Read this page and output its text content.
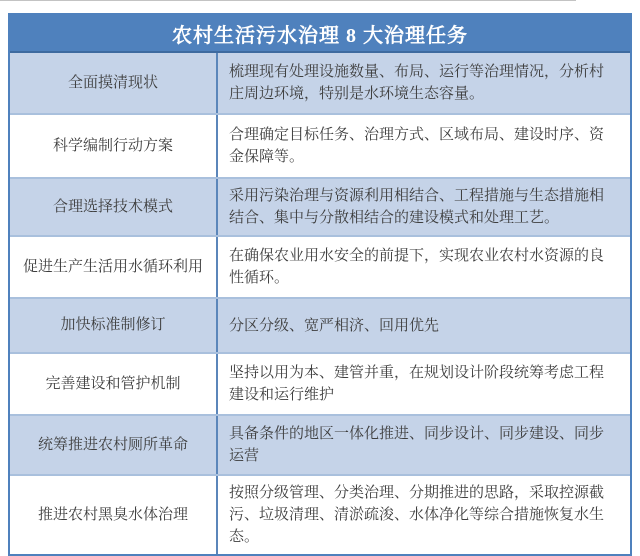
农村生活污水治理 8 大治理任务
全面摸清现状
梳理现有处理设施数量、布局、运行等治理情况，分析村庄周边环境，特别是水环境生态容量。
科学编制行动方案
合理确定目标任务、治理方式、区域布局、建设时序、资金保障等。
合理选择技术模式
采用污染治理与资源利用相结合、工程措施与生态措施相结合、集中与分散相结合的建设模式和处理工艺。
促进生产生活用水循环利用
在确保农业用水安全的前提下，实现农业农村水资源的良性循环。
加快标准制修订	分区分级、宽严相济、回用优先
完善建设和管护机制
坚持以用为本、建管并重，在规划设计阶段统筹考虑工程建设和运行维护
统筹推进农村厕所革命
具备条件的地区一体化推进、同步设计、同步建设、同步运营
推进农村黑臭水体治理
按照分级管理、分类治理、分期推进的思路，采取控源截污、垃圾清理、清淤疏浚、水体净化等综合措施恢复水生态。
